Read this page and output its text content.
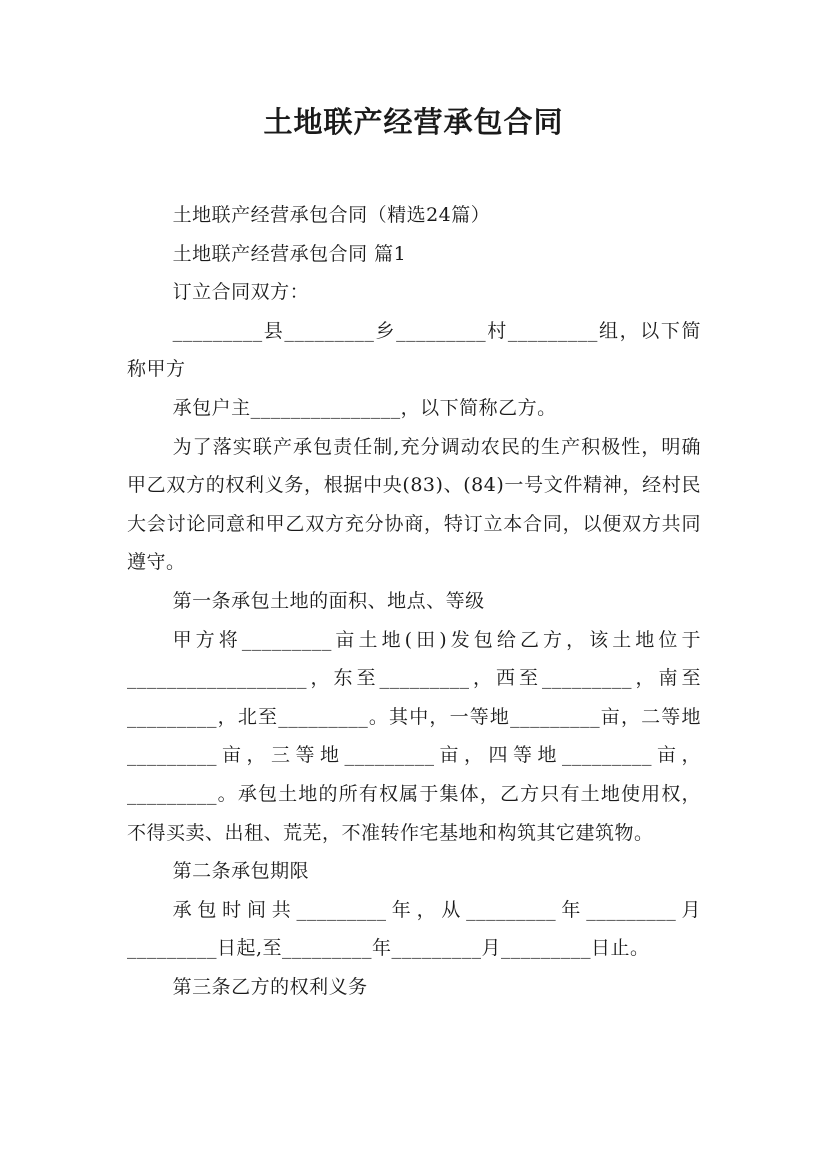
土地联产经营承包合同

土地联产经营承包合同（精选24篇）

土地联产经营承包合同 篇1

订立合同双方：

_________县_________乡_________村_________组，以下简称甲方

承包户主_______________，以下简称乙方。

为了落实联产承包责任制,充分调动农民的生产积极性，明确甲乙双方的权利义务，根据中央(83)、(84)一号文件精神，经村民大会讨论同意和甲乙双方充分协商，特订立本合同，以便双方共同遵守。

第一条承包土地的面积、地点、等级

甲方将_________亩土地(田)发包给乙方，该土地位于__________________，东至_________，西至_________，南至_________，北至_________。其中，一等地_________亩，二等地_________亩，三等地_________亩，四等地_________亩，_________。承包土地的所有权属于集体，乙方只有土地使用权，不得买卖、出租、荒芜，不准转作宅基地和构筑其它建筑物。

第二条承包期限

承包时间共_________年，从_________年_________月_________日起,至_________年_________月_________日止。

第三条乙方的权利义务
